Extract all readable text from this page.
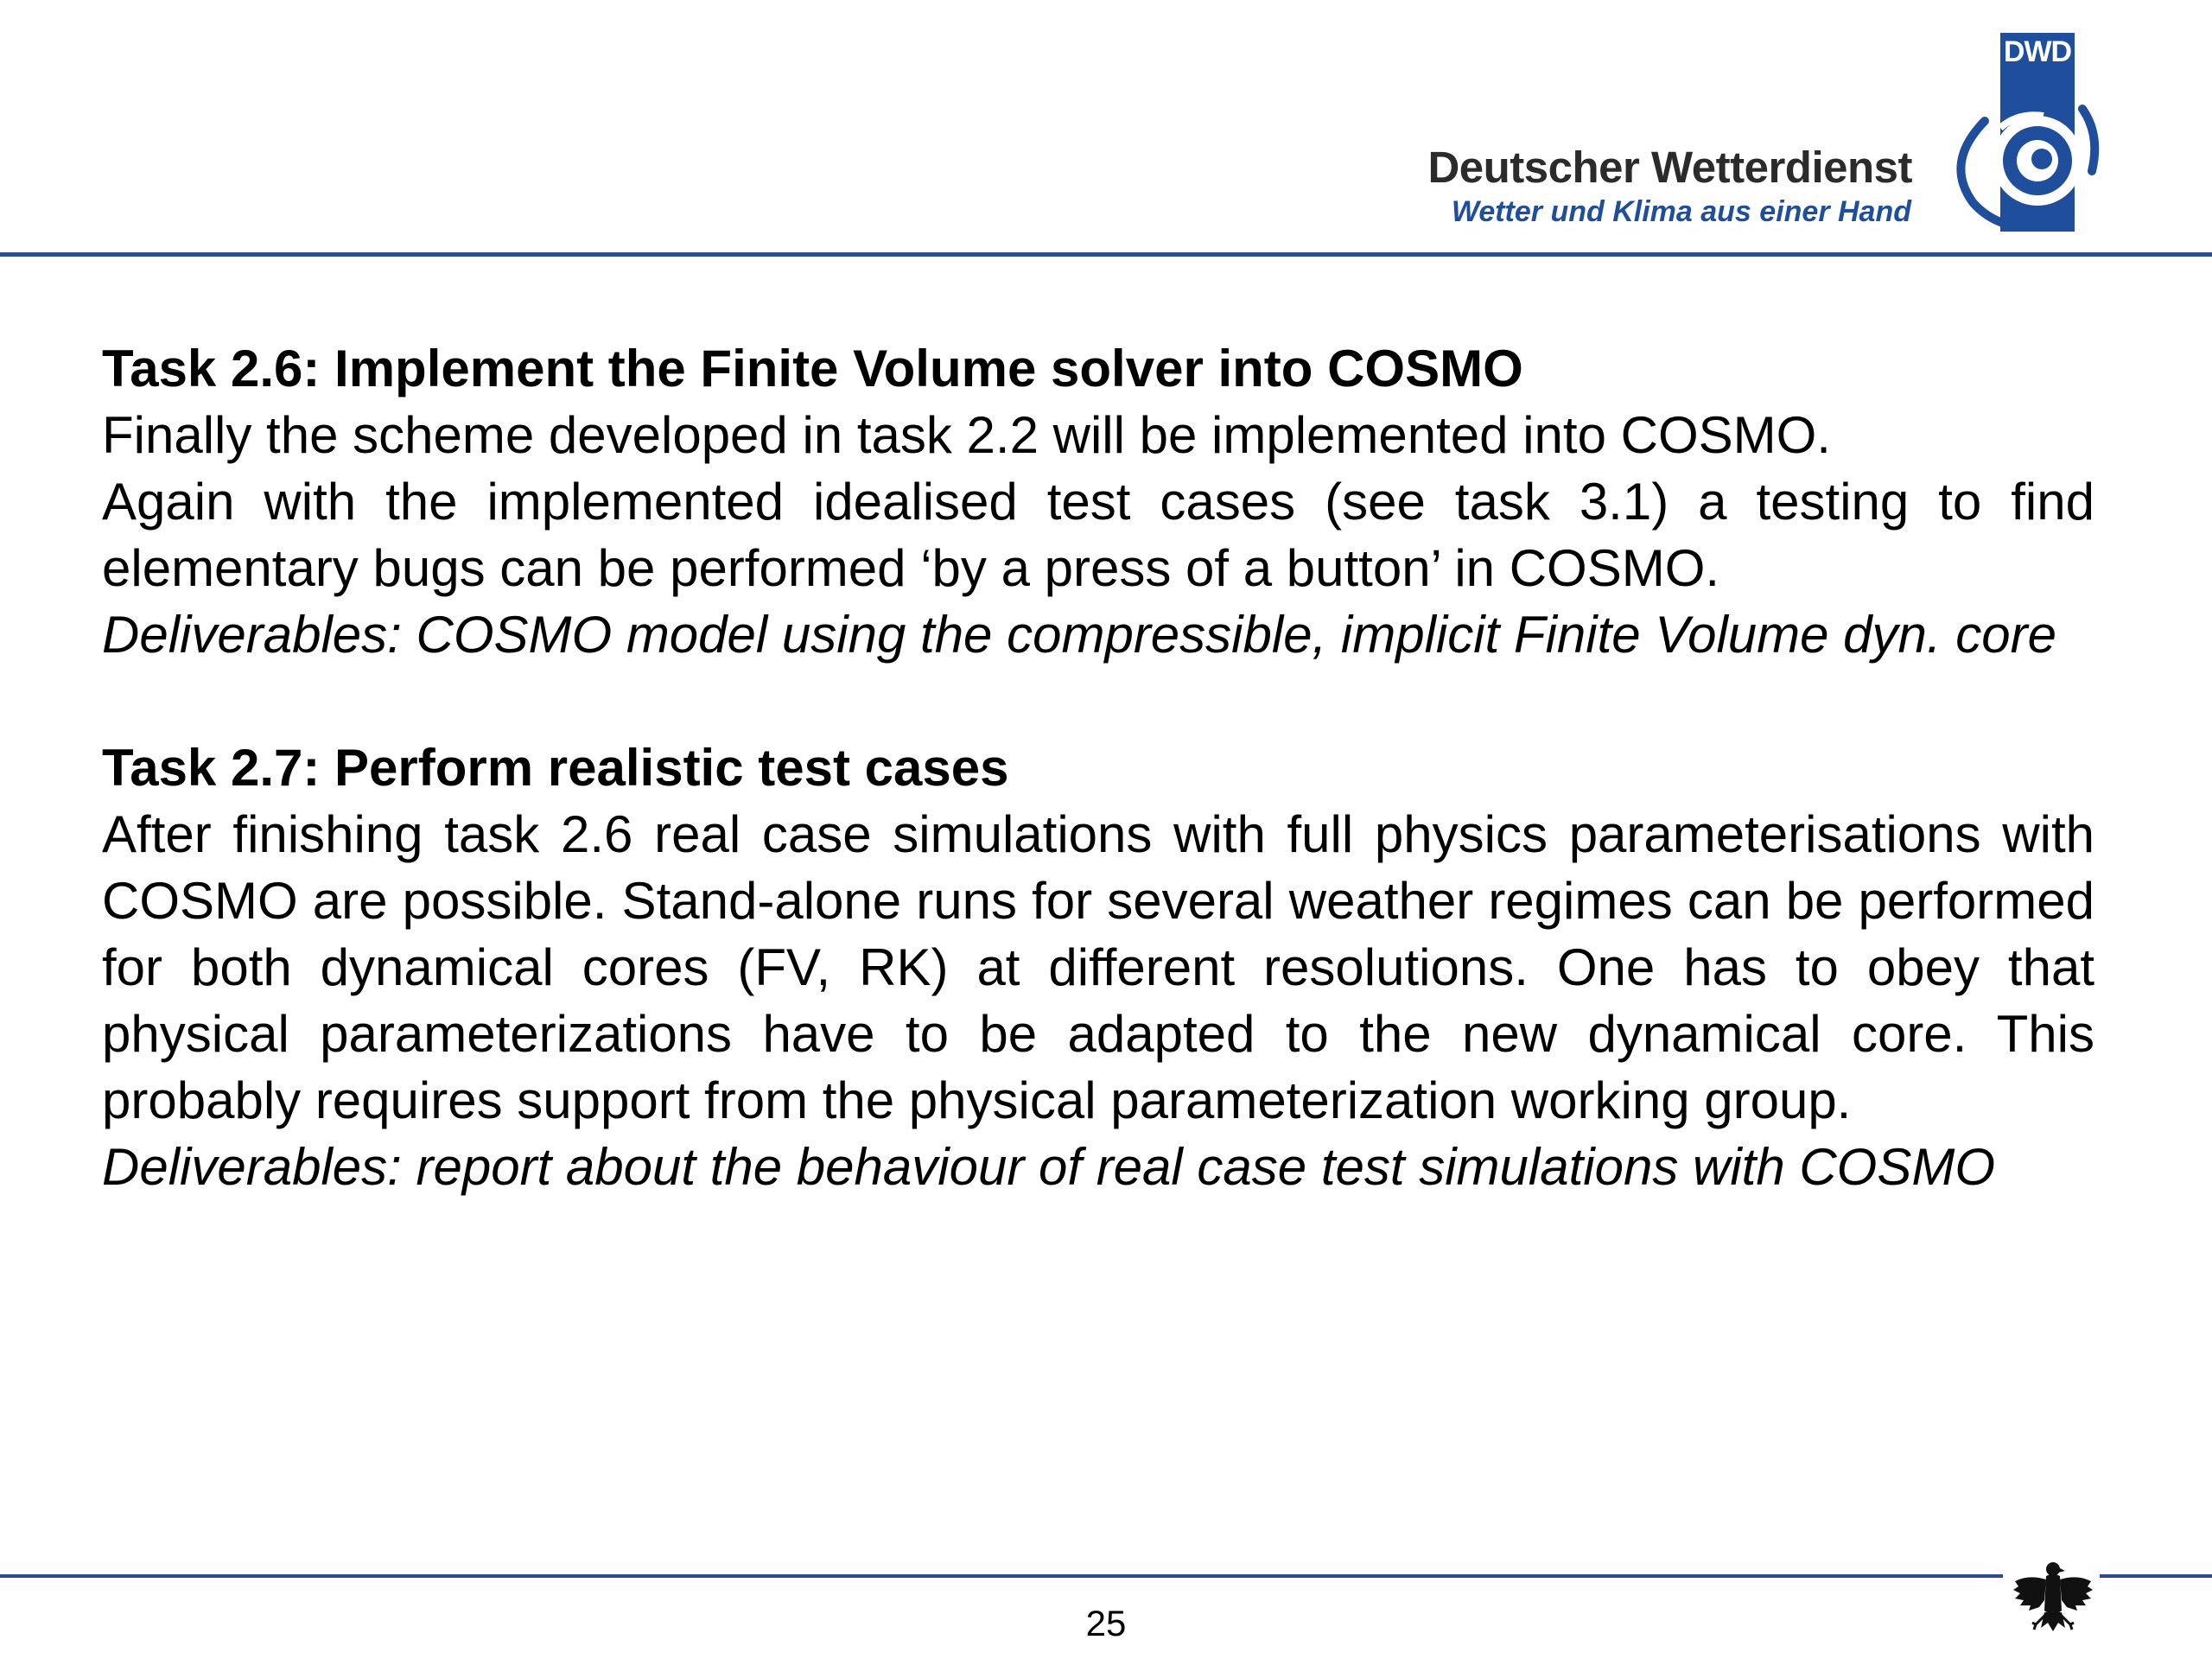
Deutscher Wetterdienst
Wetter und Klima aus einer Hand
DWD

Task 2.6: Implement the Finite Volume solver into COSMO

Finally the scheme developed in task 2.2 will be implemented into COSMO.

Again with the implemented idealised test cases (see task 3.1) a testing to find elementary bugs can be performed ‘by a press of a button’ in COSMO.

Deliverables: COSMO model using the compressible, implicit Finite Volume dyn. core

Task 2.7: Perform realistic test cases

After finishing task 2.6 real case simulations with full physics parameterisations with COSMO are possible. Stand-alone runs for several weather regimes can be performed for both dynamical cores (FV, RK) at different resolutions. One has to obey that physical parameterizations have to be adapted to the new dynamical core. This probably requires support from the physical parameterization working group.

Deliverables: report about the behaviour of real case test simulations with COSMO

25
